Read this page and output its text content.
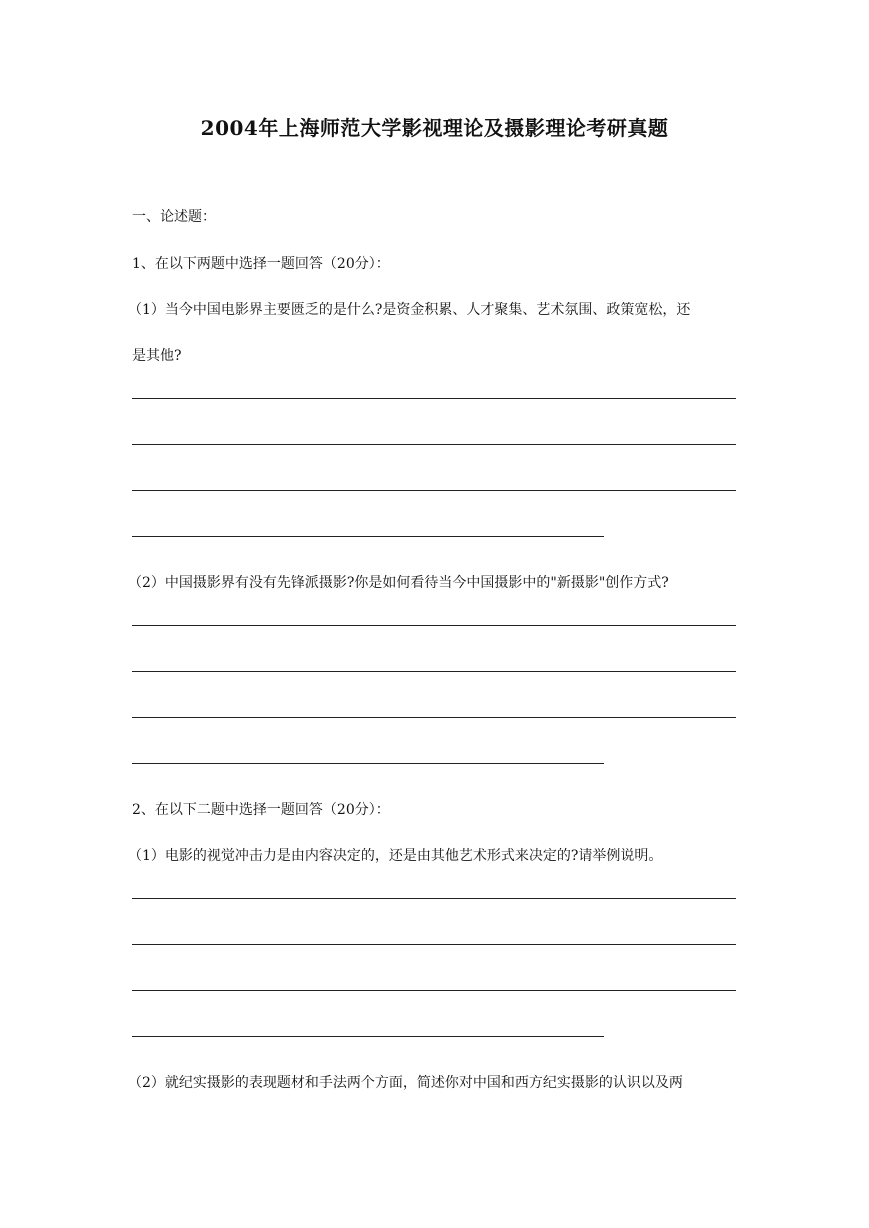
2004年上海师范大学影视理论及摄影理论考研真题
一、论述题：
1、在以下两题中选择一题回答（20分）：
（1）当今中国电影界主要匮乏的是什么?是资金积累、人才聚集、艺术氛围、政策宽松，还
是其他?
（2）中国摄影界有没有先锋派摄影?你是如何看待当今中国摄影中的"新摄影"创作方式?
2、在以下二题中选择一题回答（20分）：
（1）电影的视觉冲击力是由内容决定的，还是由其他艺术形式来决定的?请举例说明。
（2）就纪实摄影的表现题材和手法两个方面，简述你对中国和西方纪实摄影的认识以及两
